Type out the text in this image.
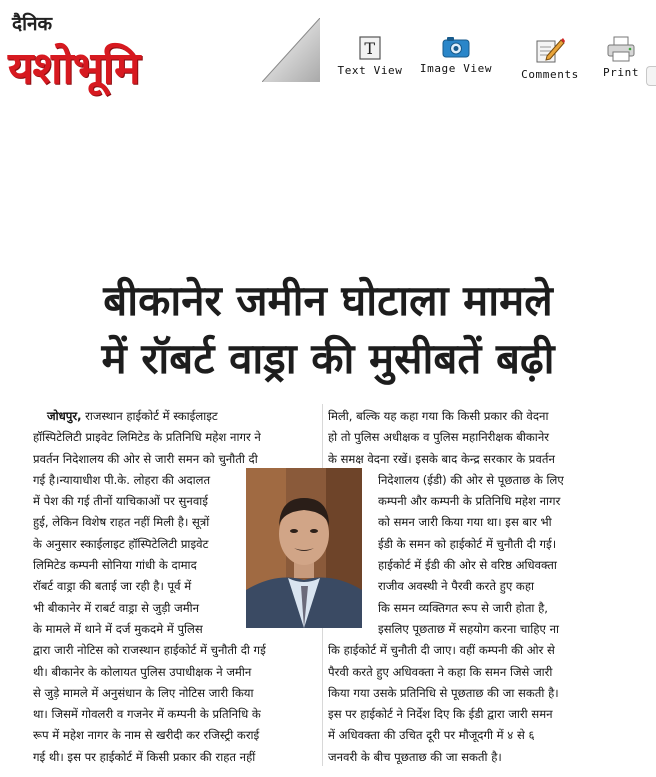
दैनिक
यशोभूमि	T
Text View	Image View	Comments	Print
बीकानेर जमीन घोटाला मामले
में रॉबर्ट वाड्रा की मुसीबतें बढ़ी

जोधपुर, राजस्थान हाईकोर्ट में स्काईलाइट

हॉस्पिटेलिटी प्राइवेट लिमिटेड के प्रतिनिधि महेश नागर ने

प्रवर्तन निदेशालय की ओर से जारी समन को चुनौती दी

गई है।न्यायाधीश पी.के. लोहरा की अदालत

में पेश की गई तीनों याचिकाओं पर सुनवाई

हुई, लेकिन विशेष राहत नहीं मिली है। सूत्रों

के अनुसार स्काईलाइट हॉस्पिटेलिटी प्राइवेट

लिमिटेड कम्पनी सोनिया गांधी के दामाद

रॉबर्ट वाड्रा की बताई जा रही है। पूर्व में

भी बीकानेर में राबर्ट वाड्रा से जुड़ी जमीन

के मामले में थाने में दर्ज मुकदमे में पुलिस

द्वारा जारी नोटिस को राजस्थान हाईकोर्ट में चुनौती दी गई

थी। बीकानेर के कोलायत पुलिस उपाधीक्षक ने जमीन

से जुड़े मामले में अनुसंधान के लिए नोटिस जारी किया

था। जिसमें गोवलरी व गजनेर में कम्पनी के प्रतिनिधि के

रूप में महेश नागर के नाम से खरीदी कर रजिस्ट्री कराई

गई थी। इस पर हाईकोर्ट में किसी प्रकार की राहत नहीं

मिली, बल्कि यह कहा गया कि किसी प्रकार की वेदना

हो तो पुलिस अधीक्षक व पुलिस महानिरीक्षक बीकानेर

के समक्ष वेदना रखें। इसके बाद केन्द्र सरकार के प्रवर्तन

निदेशालय (ईडी) की ओर से पूछताछ के लिए

कम्पनी और कम्पनी के प्रतिनिधि महेश नागर

को समन जारी किया गया था। इस बार भी

ईडी के समन को हाईकोर्ट में चुनौती दी गई।

हाईकोर्ट में ईडी की ओर से वरिष्ठ अधिवक्ता

राजीव अवस्थी ने पैरवी करते हुए कहा

कि समन व्यक्तिगत रूप से जारी होता है,

इसलिए पूछताछ में सहयोग करना चाहिए ना

कि हाईकोर्ट में चुनौती दी जाए। वहीं कम्पनी की ओर से

पैरवी करते हुए अधिवक्ता ने कहा कि समन जिसे जारी

किया गया उसके प्रतिनिधि से पूछताछ की जा सकती है।

इस पर हाईकोर्ट ने निर्देश दिए कि ईडी द्वारा जारी समन

में अधिवक्ता की उचित दूरी पर मौजूदगी में ४ से ६

जनवरी के बीच पूछताछ की जा सकती है।
